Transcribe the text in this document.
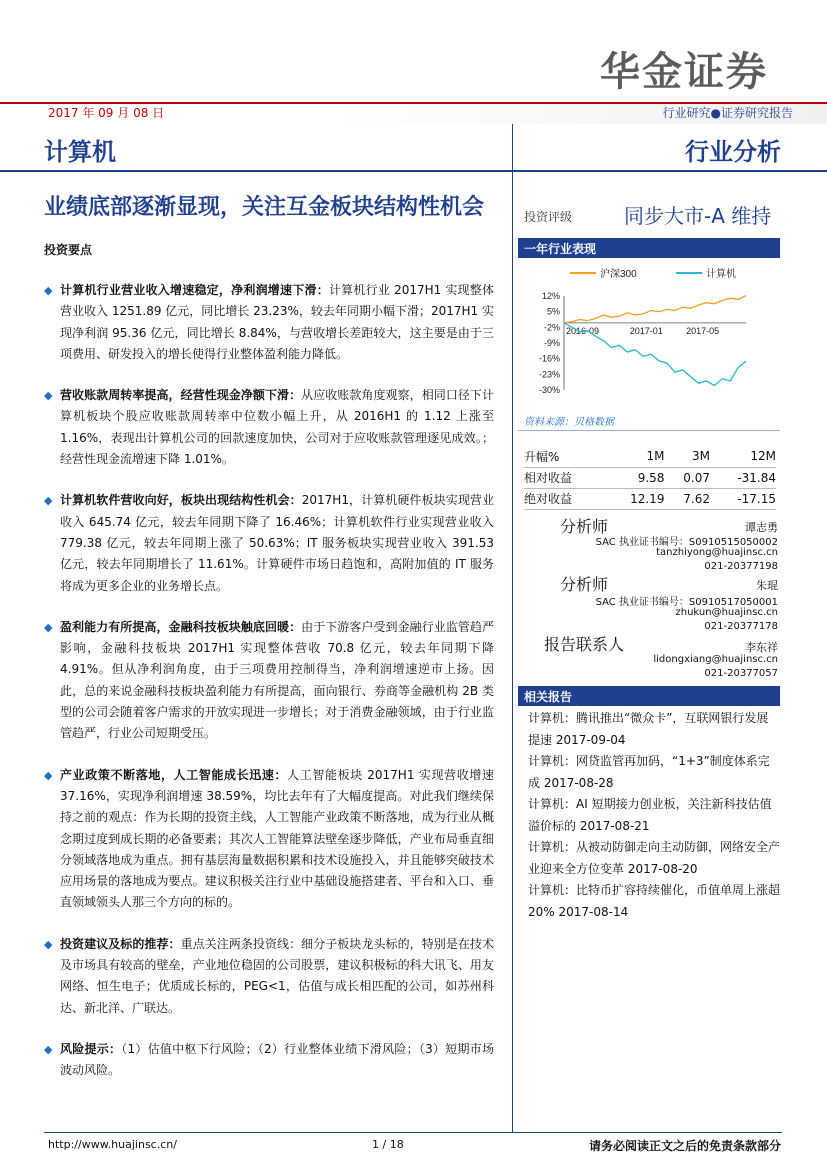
华金证券
2017 年 09 月 08 日	行业研究●证券研究报告
计算机	行业分析
业绩底部逐渐显现，关注互金板块结构性机会
投资要点
◆ 计算机行业营业收入增速稳定，净利润增速下滑：计算机行业 2017H1 实现整体营业收入 1251.89 亿元，同比增长 23.23%，较去年同期小幅下滑；2017H1 实现净利润 95.36 亿元，同比增长 8.84%，与营收增长差距较大，这主要是由于三项费用、研发投入的增长使得行业整体盈利能力降低。
◆ 营收账款周转率提高，经营性现金净额下滑：从应收账款角度观察，相同口径下计算机板块个股应收账款周转率中位数小幅上升，从 2016H1 的 1.12 上涨至 1.16%，表现出计算机公司的回款速度加快，公司对于应收账款管理逐见成效。；经营性现金流增速下降 1.01%。
◆ 计算机软件营收向好，板块出现结构性机会：2017H1，计算机硬件板块实现营业收入 645.74 亿元，较去年同期下降了 16.46%；计算机软件行业实现营业收入 779.38 亿元，较去年同期上涨了 50.63%；IT 服务板块实现营业收入 391.53 亿元，较去年同期增长了 11.61%。计算硬件市场日趋饱和，高附加值的 IT 服务将成为更多企业的业务增长点。
◆ 盈利能力有所提高，金融科技板块触底回暖：由于下游客户受到金融行业监管趋严影响，金融科技板块 2017H1 实现整体营收 70.8 亿元，较去年同期下降 4.91%。但从净利润角度，由于三项费用控制得当，净利润增速逆市上扬。因此，总的来说金融科技板块盈利能力有所提高，面向银行、券商等金融机构 2B 类型的公司会随着客户需求的开放实现进一步增长；对于消费金融领域，由于行业监管趋严，行业公司短期受压。
◆ 产业政策不断落地，人工智能成长迅速：人工智能板块 2017H1 实现营收增速 37.16%，实现净利润增速 38.59%，均比去年有了大幅度提高。对此我们继续保持之前的观点：作为长期的投资主线，人工智能产业政策不断落地，成为行业从概念期过度到成长期的必备要素；其次人工智能算法壁垒逐步降低，产业布局垂直细分领域落地成为重点。拥有基层海量数据积累和技术设施投入，并且能够突破技术应用场景的落地成为要点。建议积极关注行业中基础设施搭建者、平台和入口、垂直领域领头人那三个方向的标的。
◆ 投资建议及标的推荐：重点关注两条投资线：细分子板块龙头标的，特别是在技术及市场具有较高的壁垒，产业地位稳固的公司股票，建议积极标的科大讯飞、用友网络、恒生电子；优质成长标的，PEG<1，估值与成长相匹配的公司，如苏州科达、新北洋、广联达。
◆ 风险提示：（1）估值中枢下行风险；（2）行业整体业绩下滑风险；（3）短期市场波动风险。
投资评级	同步大市-A 维持
一年行业表现
沪深300	计算机
12%
5%
-2%
-9%
-16%
-23%
-30%
2016-09	2017-01	2017-05
资料来源：贝格数据
升幅%	1M	3M	12M
相对收益	9.58	0.07	-31.84
绝对收益	12.19	7.62	-17.15
分析师	谭志勇
SAC 执业证书编号：S0910515050002
tanzhiyong@huajinsc.cn
021-20377198
分析师	朱琨
SAC 执业证书编号：S0910517050001
zhukun@huajinsc.cn
021-20377178
报告联系人	李东祥
lidongxiang@huajinsc.cn
021-20377057
相关报告
计算机：腾讯推出“微众卡”，互联网银行发展提速 2017-09-04
计算机：网贷监管再加码，“1+3”制度体系完成 2017-08-28
计算机：AI 短期接力创业板，关注新科技估值溢价标的 2017-08-21
计算机：从被动防御走向主动防御，网络安全产业迎来全方位变革 2017-08-20
计算机：比特币扩容持续催化，币值单周上涨超 20% 2017-08-14
http://www.huajinsc.cn/	1 / 18	请务必阅读正文之后的免责条款部分
